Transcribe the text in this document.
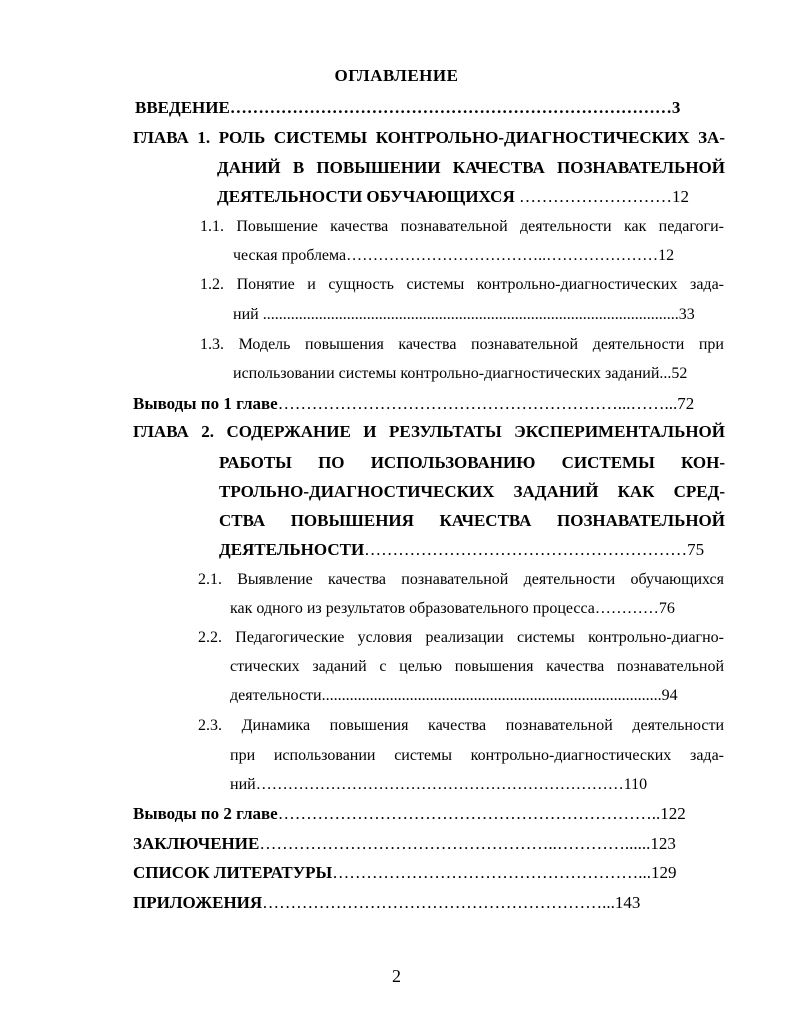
ОГЛАВЛЕНИЕ
ВВЕДЕНИЕ……………………………………………………………………3
ГЛАВА 1. РОЛЬ СИСТЕМЫ КОНТРОЛЬНО-ДИАГНОСТИЧЕСКИХ ЗА-
ДАНИЙ В ПОВЫШЕНИИ КАЧЕСТВА ПОЗНАВАТЕЛЬНОЙ
ДЕЯТЕЛЬНОСТИ ОБУЧАЮЩИХСЯ ………………………12
1.1. Повышение качества познавательной деятельности как педагоги-
ческая проблема………………………………..…………………12
1.2. Понятие и сущность системы контрольно-диагностических зада-
ний ........................................................................................................33
1.3. Модель повышения качества познавательной деятельности при
использовании системы контрольно-диагностических заданий...52
Выводы по 1 главе……………………………………………………...……...72
ГЛАВА 2. СОДЕРЖАНИЕ И РЕЗУЛЬТАТЫ ЭКСПЕРИМЕНТАЛЬНОЙ
РАБОТЫ ПО ИСПОЛЬЗОВАНИЮ СИСТЕМЫ КОН-
ТРОЛЬНО-ДИАГНОСТИЧЕСКИХ ЗАДАНИЙ КАК СРЕД-
СТВА ПОВЫШЕНИЯ КАЧЕСТВА ПОЗНАВАТЕЛЬНОЙ
ДЕЯТЕЛЬНОСТИ…………………………………………………75
2.1. Выявление качества познавательной деятельности обучающихся
как одного из результатов образовательного процесса…………76
2.2. Педагогические условия реализации системы контрольно-диагно-
стических заданий с целью повышения качества познавательной
деятельности.....................................................................................94
2.3. Динамика повышения качества познавательной деятельности
при использовании системы контрольно-диагностических зада-
ний……………………………………………………………110
Выводы по 2 главе…………………………………………………………..122
ЗАКЛЮЧЕНИЕ……………………………………………..…………......123
СПИСОК ЛИТЕРАТУРЫ………………………………………………...129
ПРИЛОЖЕНИЯ……………………………………………………...143
2
